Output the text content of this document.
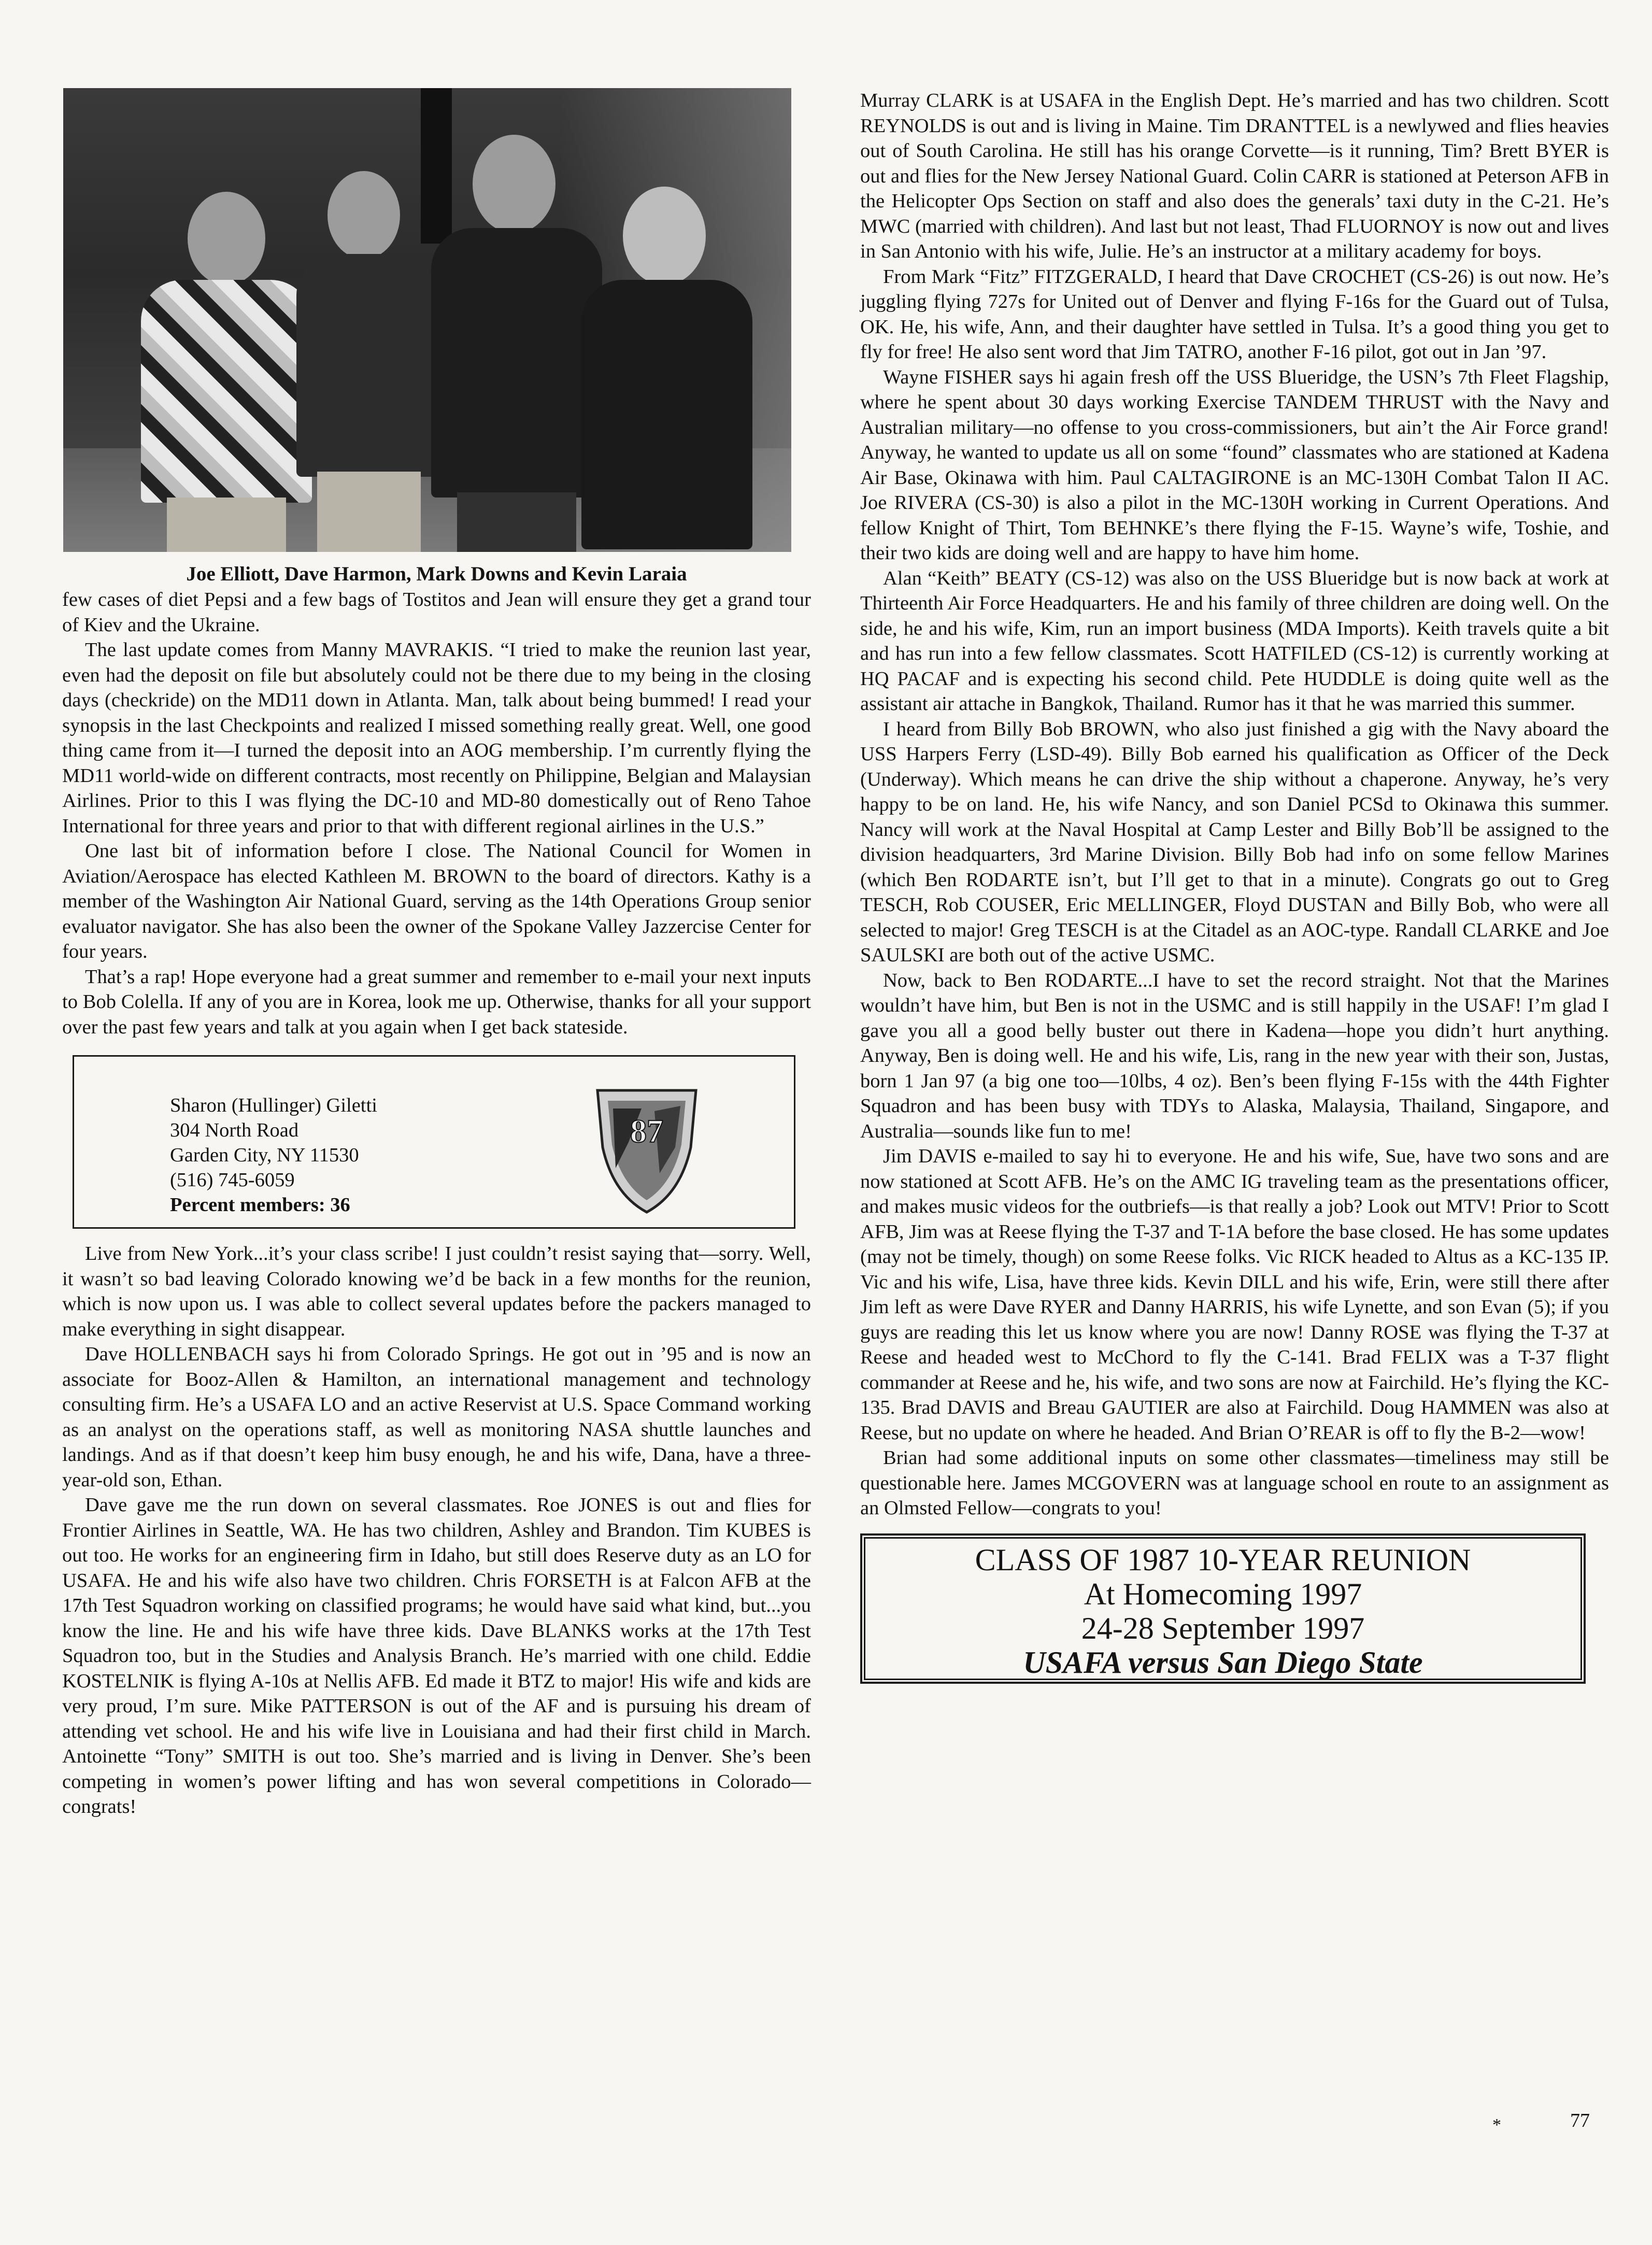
Joe Elliott, Dave Harmon, Mark Downs and Kevin Laraia

few cases of diet Pepsi and a few bags of Tostitos and Jean will ensure they get a grand tour of Kiev and the Ukraine.

The last update comes from Manny MAVRAKIS. “I tried to make the reunion last year, even had the deposit on file but absolutely could not be there due to my being in the closing days (checkride) on the MD11 down in Atlanta. Man, talk about being bummed! I read your synopsis in the last Checkpoints and realized I missed something really great. Well, one good thing came from it—I turned the deposit into an AOG membership. I’m currently flying the MD11 world-wide on different contracts, most recently on Philippine, Belgian and Malaysian Airlines. Prior to this I was flying the DC-10 and MD-80 domestically out of Reno Tahoe International for three years and prior to that with different regional airlines in the U.S.”

One last bit of information before I close. The National Council for Women in Aviation/Aerospace has elected Kathleen M. BROWN to the board of directors. Kathy is a member of the Washington Air National Guard, serving as the 14th Operations Group senior evaluator navigator. She has also been the owner of the Spokane Valley Jazzercise Center for four years.

That’s a rap! Hope everyone had a great summer and remember to e-mail your next inputs to Bob Colella. If any of you are in Korea, look me up. Otherwise, thanks for all your support over the past few years and talk at you again when I get back stateside.

Sharon (Hullinger) Giletti
304 North Road
Garden City, NY 11530
(516) 745-6059
Percent members: 36
87

Live from New York...it’s your class scribe! I just couldn’t resist saying that—sorry. Well, it wasn’t so bad leaving Colorado knowing we’d be back in a few months for the reunion, which is now upon us. I was able to collect several updates before the packers managed to make everything in sight disappear.

Dave HOLLENBACH says hi from Colorado Springs. He got out in ’95 and is now an associate for Booz-Allen & Hamilton, an international management and technology consulting firm. He’s a USAFA LO and an active Reservist at U.S. Space Command working as an analyst on the operations staff, as well as monitoring NASA shuttle launches and landings. And as if that doesn’t keep him busy enough, he and his wife, Dana, have a three-year-old son, Ethan.

Dave gave me the run down on several classmates. Roe JONES is out and flies for Frontier Airlines in Seattle, WA. He has two children, Ashley and Brandon. Tim KUBES is out too. He works for an engineering firm in Idaho, but still does Reserve duty as an LO for USAFA. He and his wife also have two children. Chris FORSETH is at Falcon AFB at the 17th Test Squadron working on classified programs; he would have said what kind, but...you know the line. He and his wife have three kids. Dave BLANKS works at the 17th Test Squadron too, but in the Studies and Analysis Branch. He’s married with one child. Eddie KOSTELNIK is flying A-10s at Nellis AFB. Ed made it BTZ to major! His wife and kids are very proud, I’m sure. Mike PATTERSON is out of the AF and is pursuing his dream of attending vet school. He and his wife live in Louisiana and had their first child in March. Antoinette “Tony” SMITH is out too. She’s married and is living in Denver. She’s been competing in women’s power lifting and has won several competitions in Colorado—congrats!

Murray CLARK is at USAFA in the English Dept. He’s married and has two children. Scott REYNOLDS is out and is living in Maine. Tim DRANTTEL is a newlywed and flies heavies out of South Carolina. He still has his orange Corvette—is it running, Tim? Brett BYER is out and flies for the New Jersey National Guard. Colin CARR is stationed at Peterson AFB in the Helicopter Ops Section on staff and also does the generals’ taxi duty in the C-21. He’s MWC (married with children). And last but not least, Thad FLUORNOY is now out and lives in San Antonio with his wife, Julie. He’s an instructor at a military academy for boys.

From Mark “Fitz” FITZGERALD, I heard that Dave CROCHET (CS-26) is out now. He’s juggling flying 727s for United out of Denver and flying F-16s for the Guard out of Tulsa, OK. He, his wife, Ann, and their daughter have settled in Tulsa. It’s a good thing you get to fly for free! He also sent word that Jim TATRO, another F-16 pilot, got out in Jan ’97.

Wayne FISHER says hi again fresh off the USS Blueridge, the USN’s 7th Fleet Flagship, where he spent about 30 days working Exercise TANDEM THRUST with the Navy and Australian military—no offense to you cross-commissioners, but ain’t the Air Force grand! Anyway, he wanted to update us all on some “found” classmates who are stationed at Kadena Air Base, Okinawa with him. Paul CALTAGIRONE is an MC-130H Combat Talon II AC. Joe RIVERA (CS-30) is also a pilot in the MC-130H working in Current Operations. And fellow Knight of Thirt, Tom BEHNKE’s there flying the F-15. Wayne’s wife, Toshie, and their two kids are doing well and are happy to have him home.

Alan “Keith” BEATY (CS-12) was also on the USS Blueridge but is now back at work at Thirteenth Air Force Headquarters. He and his family of three children are doing well. On the side, he and his wife, Kim, run an import business (MDA Imports). Keith travels quite a bit and has run into a few fellow classmates. Scott HATFILED (CS-12) is currently working at HQ PACAF and is expecting his second child. Pete HUDDLE is doing quite well as the assistant air attache in Bangkok, Thailand. Rumor has it that he was married this summer.

I heard from Billy Bob BROWN, who also just finished a gig with the Navy aboard the USS Harpers Ferry (LSD-49). Billy Bob earned his qualification as Officer of the Deck (Underway). Which means he can drive the ship without a chaperone. Anyway, he’s very happy to be on land. He, his wife Nancy, and son Daniel PCSd to Okinawa this summer. Nancy will work at the Naval Hospital at Camp Lester and Billy Bob’ll be assigned to the division headquarters, 3rd Marine Division. Billy Bob had info on some fellow Marines (which Ben RODARTE isn’t, but I’ll get to that in a minute). Congrats go out to Greg TESCH, Rob COUSER, Eric MELLINGER, Floyd DUSTAN and Billy Bob, who were all selected to major! Greg TESCH is at the Citadel as an AOC-type. Randall CLARKE and Joe SAULSKI are both out of the active USMC.

Now, back to Ben RODARTE...I have to set the record straight. Not that the Marines wouldn’t have him, but Ben is not in the USMC and is still happily in the USAF! I’m glad I gave you all a good belly buster out there in Kadena—hope you didn’t hurt anything. Anyway, Ben is doing well. He and his wife, Lis, rang in the new year with their son, Justas, born 1 Jan 97 (a big one too—10lbs, 4 oz). Ben’s been flying F-15s with the 44th Fighter Squadron and has been busy with TDYs to Alaska, Malaysia, Thailand, Singapore, and Australia—sounds like fun to me!

Jim DAVIS e-mailed to say hi to everyone. He and his wife, Sue, have two sons and are now stationed at Scott AFB. He’s on the AMC IG traveling team as the presentations officer, and makes music videos for the outbriefs—is that really a job? Look out MTV! Prior to Scott AFB, Jim was at Reese flying the T-37 and T-1A before the base closed. He has some updates (may not be timely, though) on some Reese folks. Vic RICK headed to Altus as a KC-135 IP. Vic and his wife, Lisa, have three kids. Kevin DILL and his wife, Erin, were still there after Jim left as were Dave RYER and Danny HARRIS, his wife Lynette, and son Evan (5); if you guys are reading this let us know where you are now! Danny ROSE was flying the T-37 at Reese and headed west to McChord to fly the C-141. Brad FELIX was a T-37 flight commander at Reese and he, his wife, and two sons are now at Fairchild. He’s flying the KC-135. Brad DAVIS and Breau GAUTIER are also at Fairchild. Doug HAMMEN was also at Reese, but no update on where he headed. And Brian O’REAR is off to fly the B-2—wow!

Brian had some additional inputs on some other classmates—timeliness may still be questionable here. James MCGOVERN was at language school en route to an assignment as an Olmsted Fellow—congrats to you!

CLASS OF 1987 10-YEAR REUNION
At Homecoming 1997
24-28 September 1997
USAFA versus San Diego State
*	77
